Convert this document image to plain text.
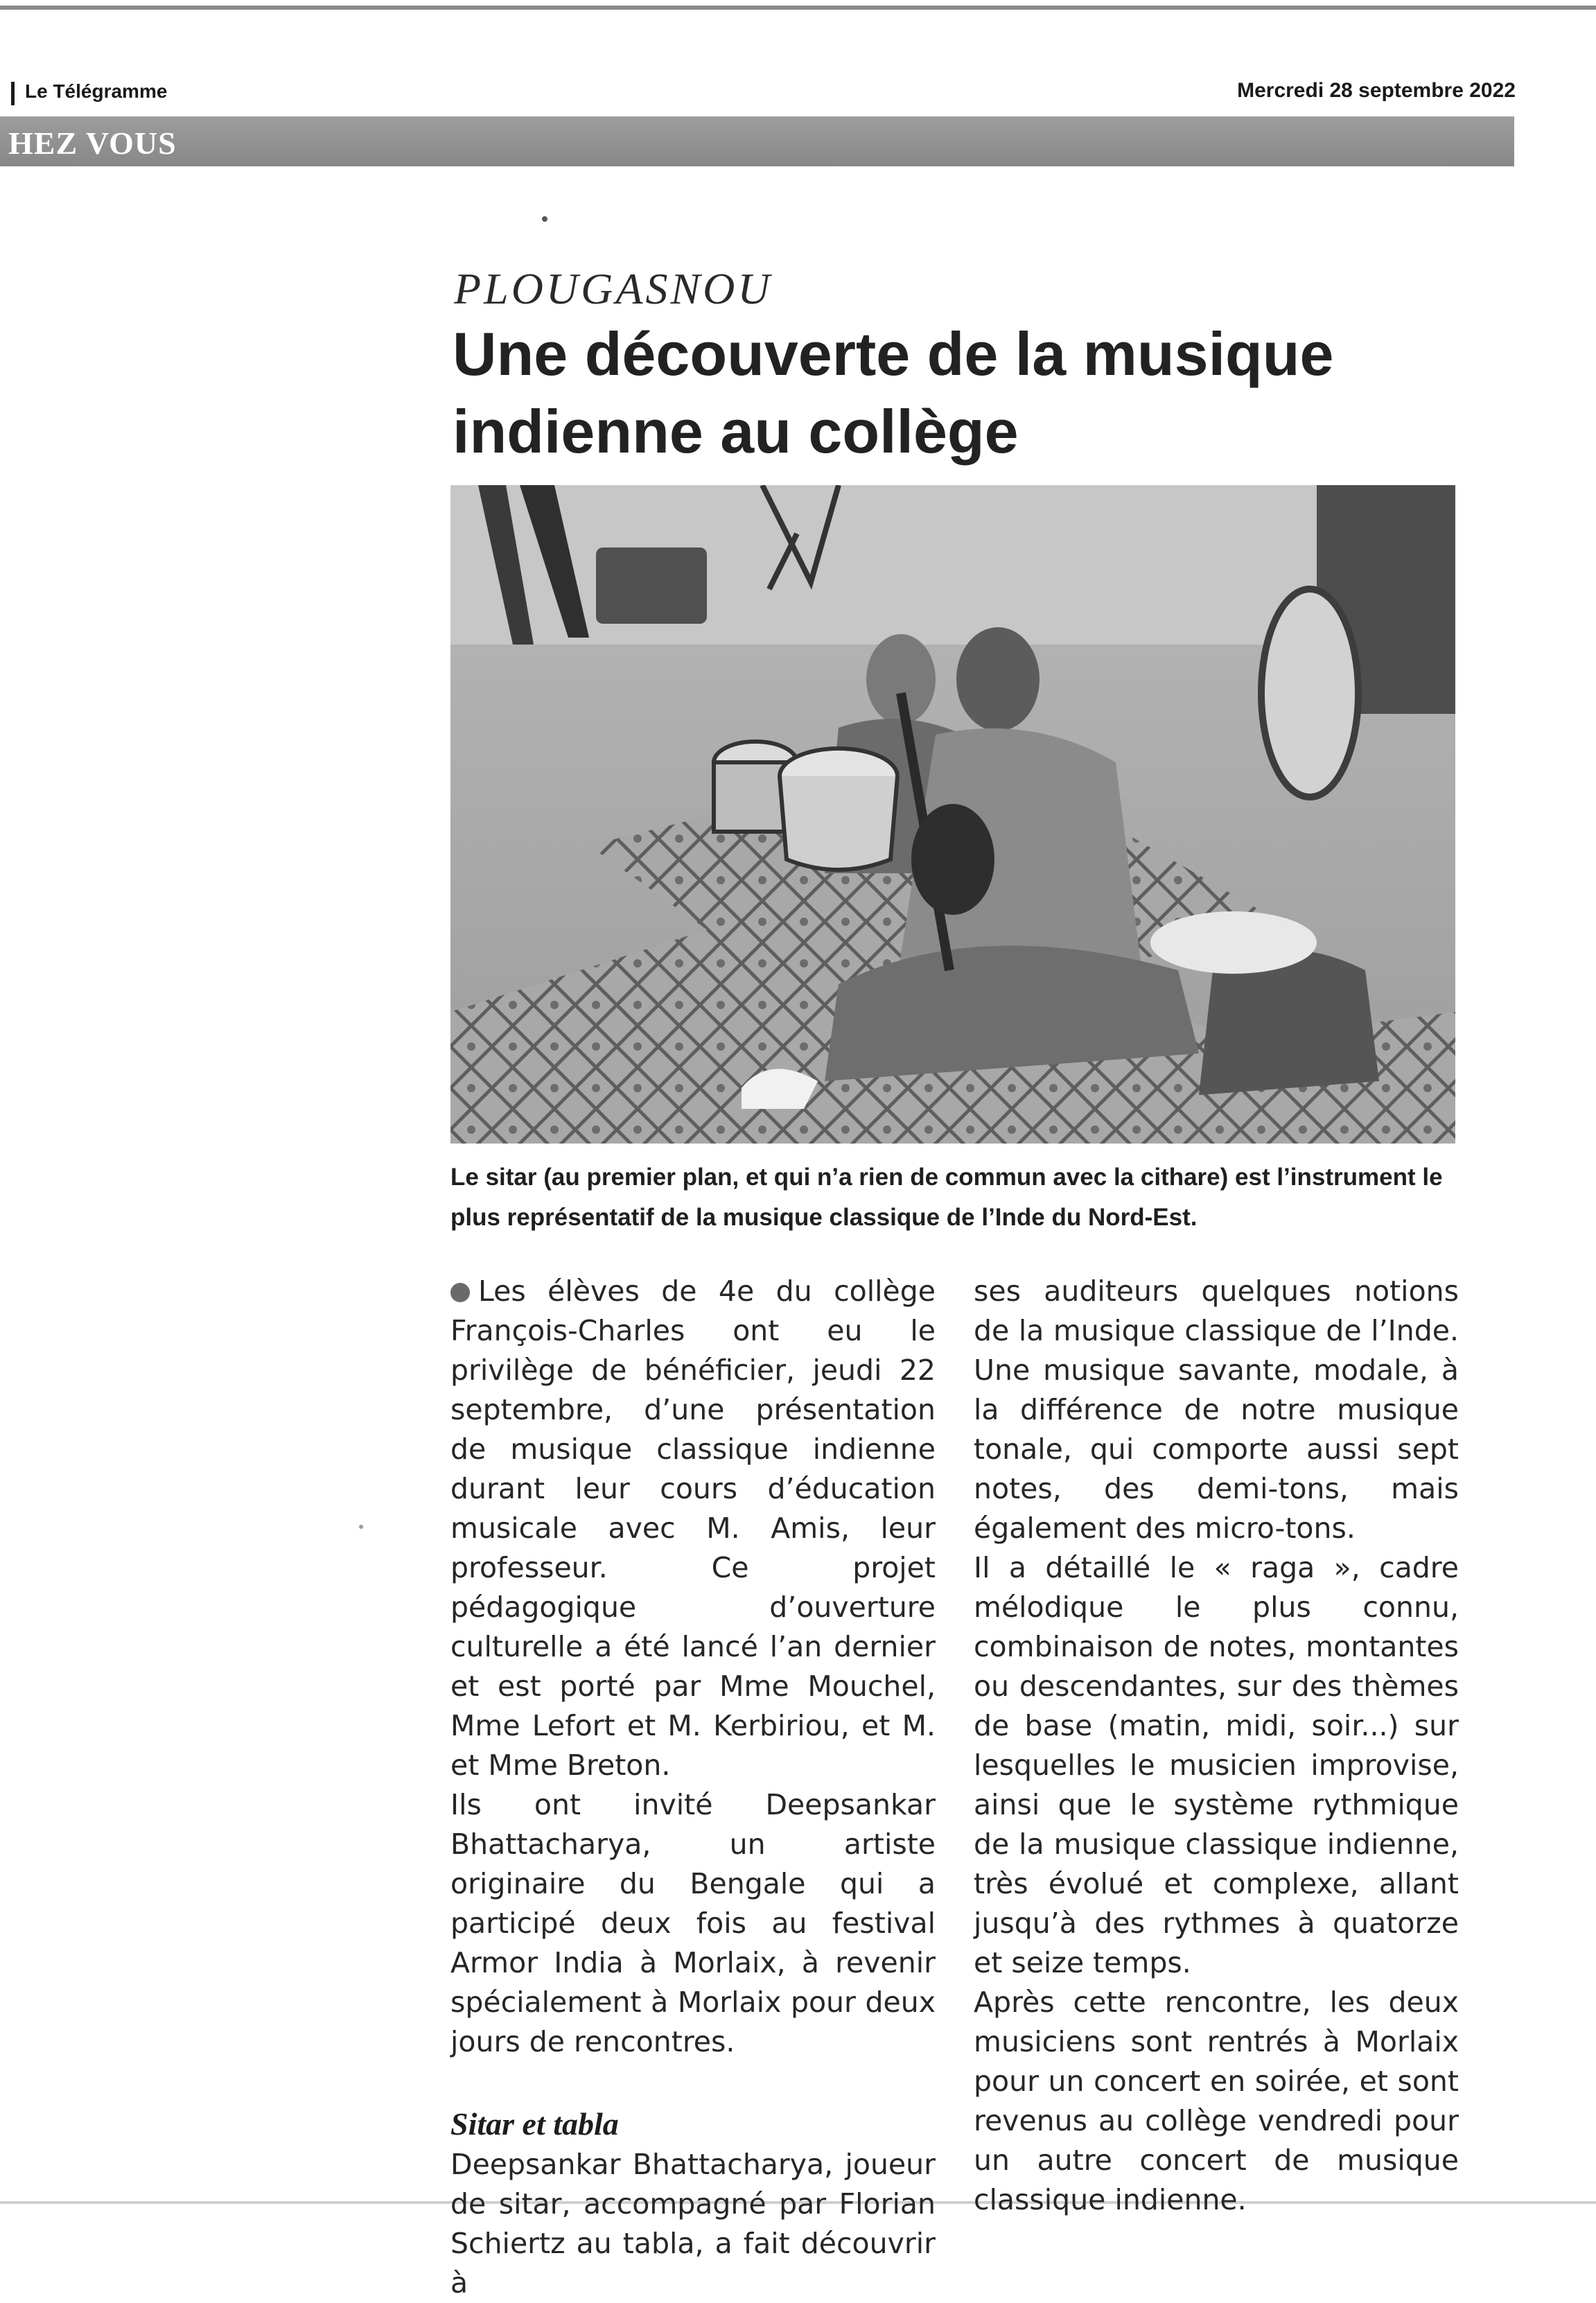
Le Télégramme	Mercredi 28 septembre 2022
HEZ VOUS
PLOUGASNOU
Une découverte de la musique indienne au collège

Le sitar (au premier plan, et qui n’a rien de commun avec la cithare) est l’instrument le plus représentatif de la musique classique de l’Inde du Nord-Est.

Les élèves de 4e du collège François-Charles ont eu le privilège de bénéficier, jeudi 22 septembre, d’une présentation de musique classique indienne durant leur cours d’éducation musicale avec M. Amis, leur professeur. Ce projet pédagogique d’ouverture culturelle a été lancé l’an dernier et est porté par Mme Mouchel, Mme Lefort et M. Kerbiriou, et M. et Mme Breton.

Ils ont invité Deepsankar Bhattacharya, un artiste originaire du Bengale qui a participé deux fois au festival Armor India à Morlaix, à revenir spécialement à Morlaix pour deux jours de rencontres.

Sitar et tabla

Deepsankar Bhattacharya, joueur de sitar, accompagné par Florian Schiertz au tabla, a fait découvrir à

ses auditeurs quelques notions de la musique classique de l’Inde. Une musique savante, modale, à la différence de notre musique tonale, qui comporte aussi sept notes, des demi-tons, mais également des micro-tons.

Il a détaillé le « raga », cadre mélodique le plus connu, combinaison de notes, montantes ou descendantes, sur des thèmes de base (matin, midi, soir...) sur lesquelles le musicien improvise, ainsi que le système rythmique de la musique classique indienne, très évolué et complexe, allant jusqu’à des rythmes à quatorze et seize temps.

Après cette rencontre, les deux musiciens sont rentrés à Morlaix pour un concert en soirée, et sont revenus au collège vendredi pour un autre concert de musique classique indienne.
